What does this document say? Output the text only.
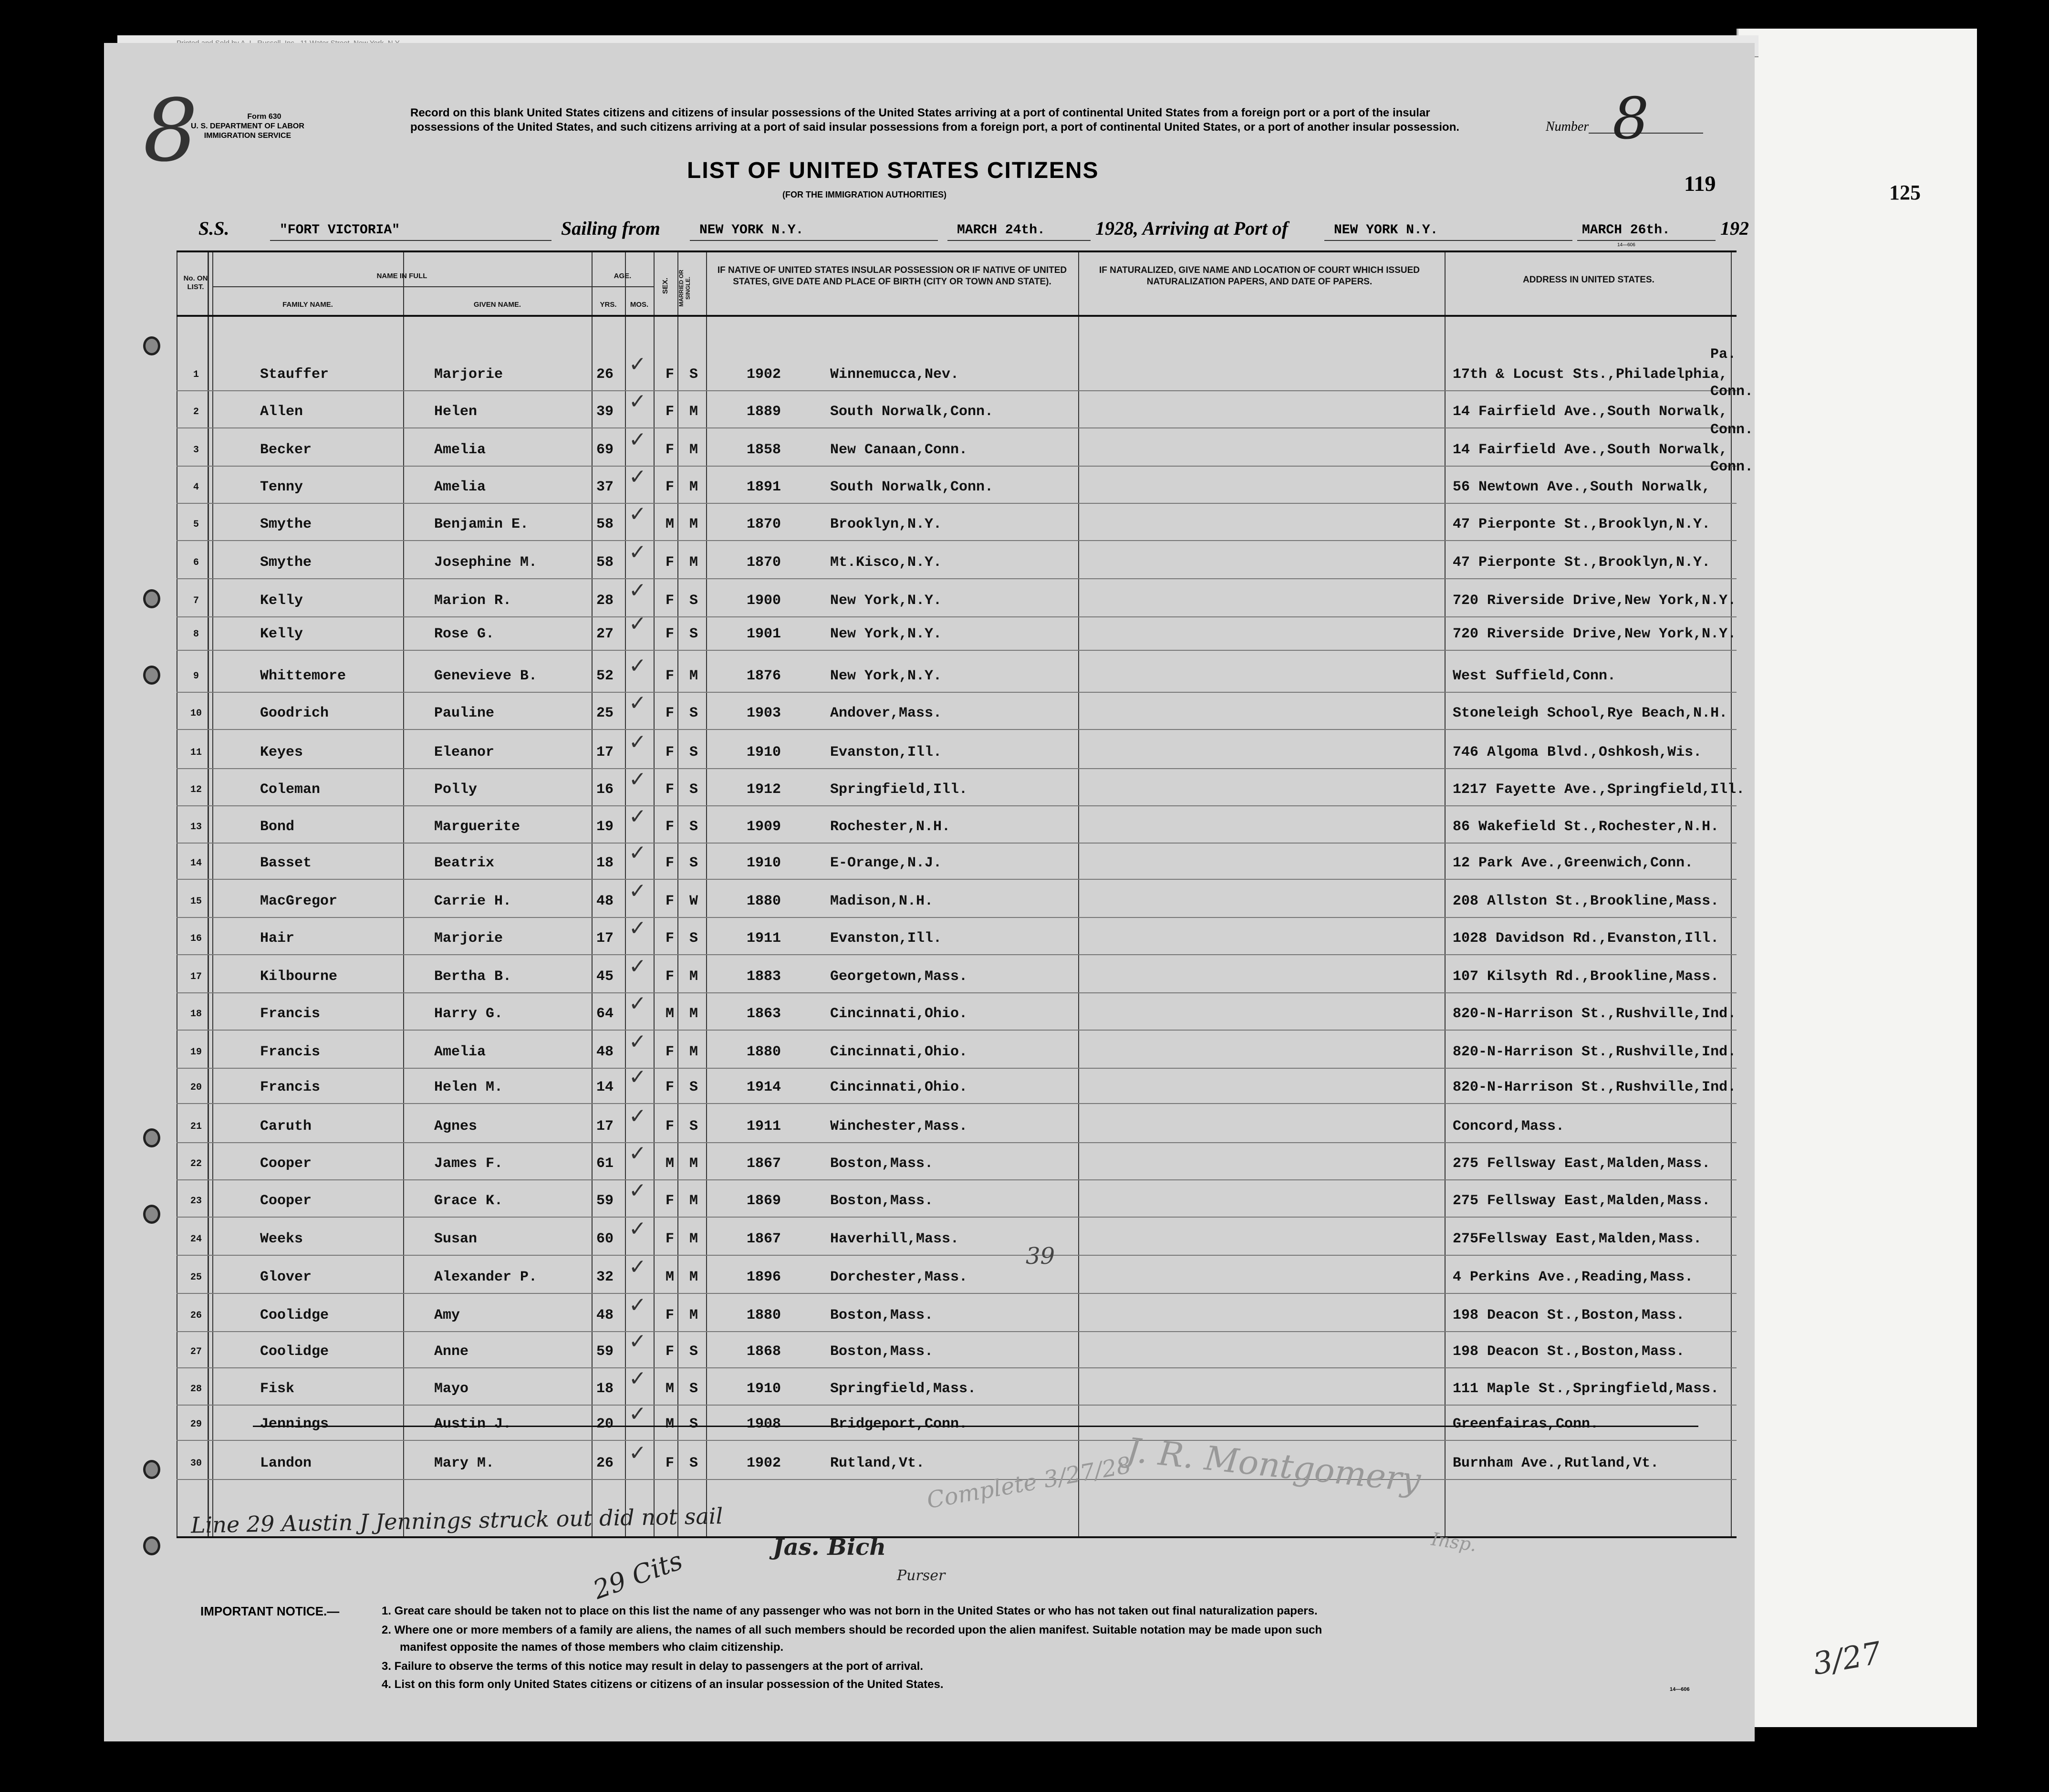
125
8	Form 630
U. S. DEPARTMENT OF LABOR
IMMIGRATION SERVICE
Record on this blank United States citizens and citizens of insular possessions of the United States arriving at a port of continental United States from a foreign port or a port of the insular possessions of the United States, and such citizens arriving at a port of said insular possessions from a foreign port, a port of continental United States, or a port of another insular possession.	Number 8
LIST OF UNITED STATES CITIZENS
(FOR THE IMMIGRATION AUTHORITIES)	119
S.S.	"FORT VICTORIA"	Sailing from	NEW YORK N.Y.	MARCH 24th.	1928 , Arriving at Port of	NEW YORK N.Y.	MARCH 26th.	192
14—606
No. ON LIST.
NAME IN FULL
FAMILY NAME.	GIVEN NAME.
AGE.
YRS.	MOS.
SEX. MARRIED OR SINGLE.
IF NATIVE OF UNITED STATES INSULAR POSSESSION OR IF NATIVE OF UNITED STATES, GIVE DATE AND PLACE OF BIRTH (CITY OR TOWN AND STATE).
IF NATURALIZED, GIVE NAME AND LOCATION OF COURT WHICH ISSUED NATURALIZATION PAPERS, AND DATE OF PAPERS.	ADDRESS IN UNITED STATES.
1	Stauffer	Marjorie	26 ✓ F S	1902	Winnemucca,Nev.	17th & Locust Sts.,Philadelphia,
Pa.
2	Allen	Helen	39 ✓ F M	1889	South Norwalk,Conn.	14 Fairfield Ave.,South Norwalk,
Conn.
3	Becker	Amelia	69 ✓ F M	1858	New Canaan,Conn.	14 Fairfield Ave.,South Norwalk,
Conn.
4	Tenny	Amelia	37 ✓ F M	1891	South Norwalk,Conn.	56 Newtown Ave.,South Norwalk,
Conn.
5	Smythe	Benjamin E.	58 ✓ M M	1870	Brooklyn,N.Y.	47 Pierponte St.,Brooklyn,N.Y.
6	Smythe	Josephine M.	58 ✓ F M	1870	Mt.Kisco,N.Y.	47 Pierponte St.,Brooklyn,N.Y.
7	Kelly	Marion R.	28 ✓ F S	1900	New York,N.Y.	720 Riverside Drive,New York,N.Y.
8	Kelly	Rose G.	27 ✓ F S	1901	New York,N.Y.	720 Riverside Drive,New York,N.Y.
9	Whittemore	Genevieve B.	52 ✓ F M	1876	New York,N.Y.	West Suffield,Conn.
10	Goodrich	Pauline	25 ✓ F S	1903	Andover,Mass.	Stoneleigh School,Rye Beach,N.H.
11	Keyes	Eleanor	17 ✓ F S	1910	Evanston,Ill.	746 Algoma Blvd.,Oshkosh,Wis.
12	Coleman	Polly	16 ✓ F S	1912	Springfield,Ill.	1217 Fayette Ave.,Springfield,Ill.
13	Bond	Marguerite	19 ✓ F S	1909	Rochester,N.H.	86 Wakefield St.,Rochester,N.H.
14	Basset	Beatrix	18 ✓ F S	1910	E-Orange,N.J.	12 Park Ave.,Greenwich,Conn.
15	MacGregor	Carrie H.	48 ✓ F W	1880	Madison,N.H.	208 Allston St.,Brookline,Mass.
16	Hair	Marjorie	17 ✓ F S	1911	Evanston,Ill.	1028 Davidson Rd.,Evanston,Ill.
17	Kilbourne	Bertha B.	45 ✓ F M	1883	Georgetown,Mass.	107 Kilsyth Rd.,Brookline,Mass.
18	Francis	Harry G.	64 ✓ M M	1863	Cincinnati,Ohio.	820-N-Harrison St.,Rushville,Ind.
19	Francis	Amelia	48 ✓ F M	1880	Cincinnati,Ohio.	820-N-Harrison St.,Rushville,Ind.
20	Francis	Helen M.	14 ✓ F S	1914	Cincinnati,Ohio.	820-N-Harrison St.,Rushville,Ind.
21	Caruth	Agnes	17 ✓ F S	1911	Winchester,Mass.	Concord,Mass.
22	Cooper	James F.	61 ✓ M M	1867	Boston,Mass.	275 Fellsway East,Malden,Mass.
23	Cooper	Grace K.	59 ✓ F M	1869	Boston,Mass.	275 Fellsway East,Malden,Mass.
24	Weeks	Susan	60 ✓ F M	1867	Haverhill,Mass.	275Fellsway East,Malden,Mass.
25	Glover	Alexander P.	32 ✓ M M	1896	Dorchester,Mass.	4 Perkins Ave.,Reading,Mass.
26	Coolidge	Amy	48 ✓ F M	1880	Boston,Mass.	198 Deacon St.,Boston,Mass.
27	Coolidge	Anne	59 ✓ F S	1868	Boston,Mass.	198 Deacon St.,Boston,Mass.
28	Fisk	Mayo	18 ✓ M S	1910	Springfield,Mass.	111 Maple St.,Springfield,Mass.
29	Jennings	Austin J.	20 ✓ M S	1908	Bridgeport,Conn.	Greenfairas,Conn.
30	Landon	Mary M.	26 ✓ F S	1902	Rutland,Vt.	Burnham Ave.,Rutland,Vt.
IMPORTANT NOTICE.—	1. Great care should be taken not to place on this list the name of any passenger who was not born in the United States or who has not taken out final naturalization papers.
2. Where one or more members of a family are aliens, the names of all such members should be recorded upon the alien manifest. Suitable notation may be made upon such
manifest opposite the names of those members who claim citizenship.
3. Failure to observe the terms of this notice may result in delay to passengers at the port of arrival.
4. List on this form only United States citizens or citizens of an insular possession of the United States.	14—606
Line 29 Austin J Jennings struck out did not sail
29 Cits	Jas. Bich
Purser
39
Complete 3/27/28
J. R. Montgomery
Insp.
3/27
